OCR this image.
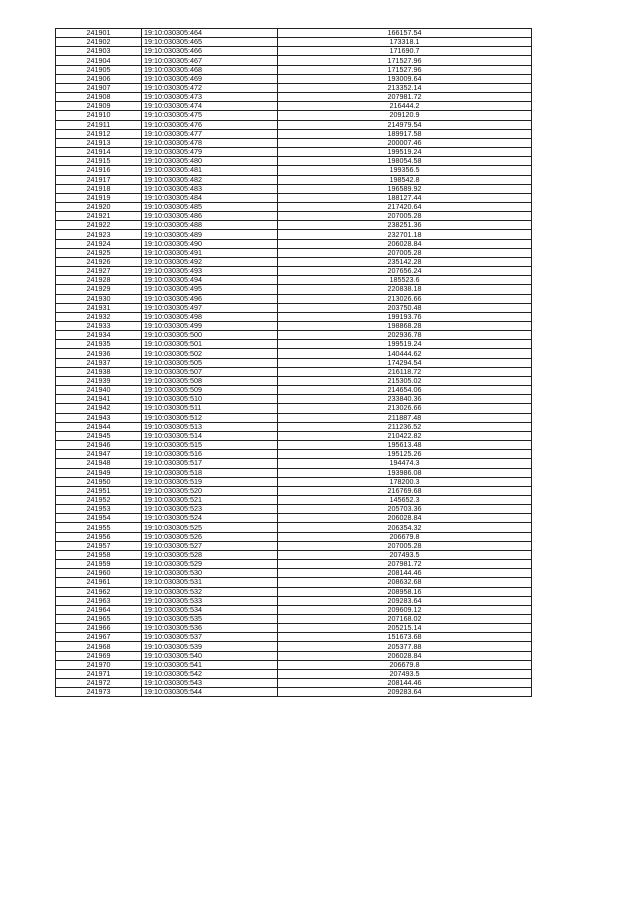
241901	19:10:030305:464	166157.54
241902	19:10:030305:465	173318.1
241903	19:10:030305:466	171690.7
241904	19:10:030305:467	171527.96
241905	19:10:030305:468	171527.96
241906	19:10:030305:469	193009.64
241907	19:10:030305:472	213352.14
241908	19:10:030305:473	207981.72
241909	19:10:030305:474	216444.2
241910	19:10:030305:475	209120.9
241911	19:10:030305:476	214979.54
241912	19:10:030305:477	189917.58
241913	19:10:030305:478	200007.46
241914	19:10:030305:479	199519.24
241915	19:10:030305:480	198054.58
241916	19:10:030305:481	199356.5
241917	19:10:030305:482	198542.8
241918	19:10:030305:483	196589.92
241919	19:10:030305:484	188127.44
241920	19:10:030305:485	217420.64
241921	19:10:030305:486	207005.28
241922	19:10:030305:488	238251.36
241923	19:10:030305:489	232701.18
241924	19:10:030305:490	206028.84
241925	19:10:030305:491	207005.28
241926	19:10:030305:492	235142.28
241927	19:10:030305:493	207656.24
241928	19:10:030305:494	185523.6
241929	19:10:030305:495	220838.18
241930	19:10:030305:496	213026.66
241931	19:10:030305:497	203750.48
241932	19:10:030305:498	199193.76
241933	19:10:030305:499	198868.28
241934	19:10:030305:500	202936.78
241935	19:10:030305:501	199519.24
241936	19:10:030305:502	140444.62
241937	19:10:030305:505	174294.54
241938	19:10:030305:507	216118.72
241939	19:10:030305:508	215305.02
241940	19:10:030305:509	214654.06
241941	19:10:030305:510	233840.36
241942	19:10:030305:511	213026.66
241943	19:10:030305:512	211887.48
241944	19:10:030305:513	211236.52
241945	19:10:030305:514	210422.82
241946	19:10:030305:515	195613.48
241947	19:10:030305:516	195125.26
241948	19:10:030305:517	194474.3
241949	19:10:030305:518	193986.08
241950	19:10:030305:519	178200.3
241951	19:10:030305:520	216769.68
241952	19:10:030305:521	145652.3
241953	19:10:030305:523	205703.36
241954	19:10:030305:524	206028.84
241955	19:10:030305:525	206354.32
241956	19:10:030305:526	206679.8
241957	19:10:030305:527	207005.28
241958	19:10:030305:528	207493.5
241959	19:10:030305:529	207981.72
241960	19:10:030305:530	208144.46
241961	19:10:030305:531	208632.68
241962	19:10:030305:532	208958.16
241963	19:10:030305:533	209283.64
241964	19:10:030305:534	209609.12
241965	19:10:030305:535	207168.02
241966	19:10:030305:536	205215.14
241967	19:10:030305:537	151673.68
241968	19:10:030305:539	205377.88
241969	19:10:030305:540	206028.84
241970	19:10:030305:541	206679.8
241971	19:10:030305:542	207493.5
241972	19:10:030305:543	208144.46
241973	19:10:030305:544	209283.64
